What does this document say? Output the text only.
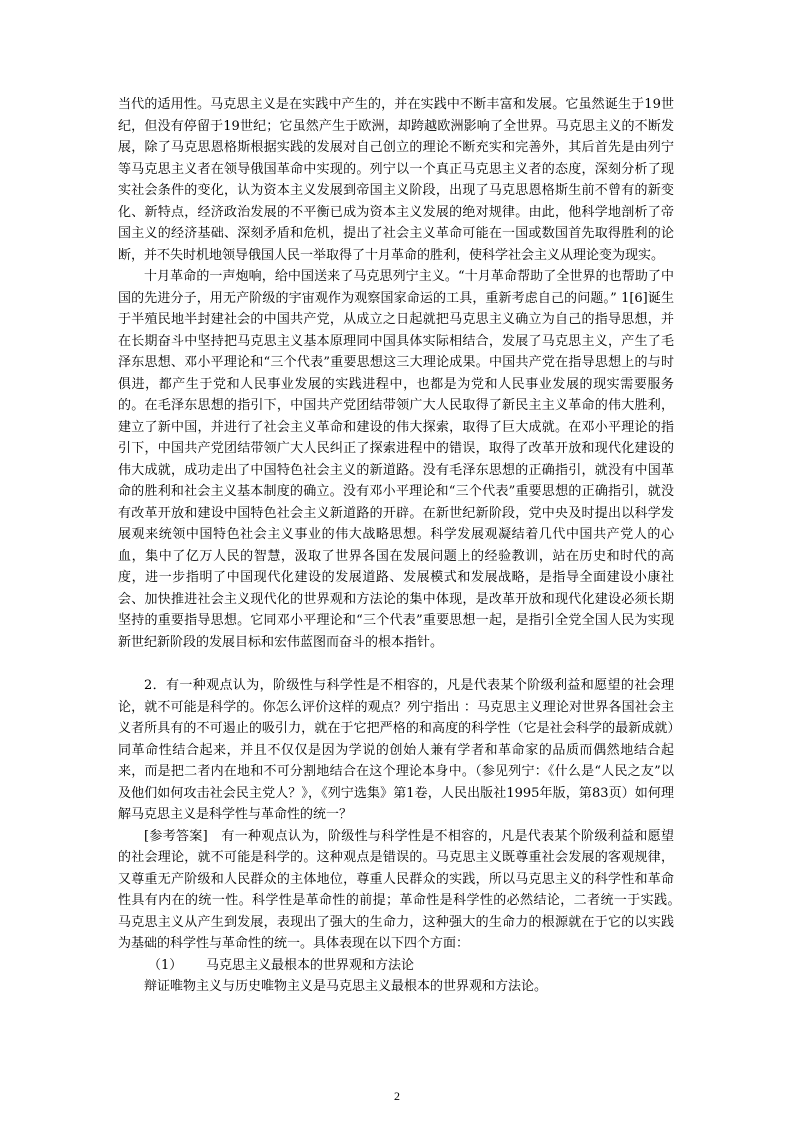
当代的适用性。马克思主义是在实践中产生的，并在实践中不断丰富和发展。它虽然诞生于19世纪，但没有停留于19世纪；它虽然产生于欧洲，却跨越欧洲影响了全世界。马克思主义的不断发展，除了马克思恩格斯根据实践的发展对自己创立的理论不断充实和完善外，其后首先是由列宁等马克思主义者在领导俄国革命中实现的。列宁以一个真正马克思主义者的态度，深刻分析了现实社会条件的变化，认为资本主义发展到帝国主义阶段，出现了马克思恩格斯生前不曾有的新变化、新特点，经济政治发展的不平衡已成为资本主义发展的绝对规律。由此，他科学地剖析了帝国主义的经济基础、深刻矛盾和危机，提出了社会主义革命可能在一国或数国首先取得胜利的论断，并不失时机地领导俄国人民一举取得了十月革命的胜利，使科学社会主义从理论变为现实。

十月革命的一声炮响，给中国送来了马克思列宁主义。“十月革命帮助了全世界的也帮助了中国的先进分子，用无产阶级的宇宙观作为观察国家命运的工具，重新考虑自己的问题。” 1[6]诞生于半殖民地半封建社会的中国共产党，从成立之日起就把马克思主义确立为自己的指导思想，并在长期奋斗中坚持把马克思主义基本原理同中国具体实际相结合，发展了马克思主义，产生了毛泽东思想、邓小平理论和“三个代表”重要思想这三大理论成果。中国共产党在指导思想上的与时俱进，都产生于党和人民事业发展的实践进程中，也都是为党和人民事业发展的现实需要服务的。在毛泽东思想的指引下，中国共产党团结带领广大人民取得了新民主主义革命的伟大胜利，建立了新中国，并进行了社会主义革命和建设的伟大探索，取得了巨大成就。在邓小平理论的指引下，中国共产党团结带领广大人民纠正了探索进程中的错误，取得了改革开放和现代化建设的伟大成就，成功走出了中国特色社会主义的新道路。没有毛泽东思想的正确指引，就没有中国革命的胜利和社会主义基本制度的确立。没有邓小平理论和“三个代表”重要思想的正确指引，就没有改革开放和建设中国特色社会主义新道路的开辟。在新世纪新阶段，党中央及时提出以科学发展观来统领中国特色社会主义事业的伟大战略思想。科学发展观凝结着几代中国共产党人的心血，集中了亿万人民的智慧，汲取了世界各国在发展问题上的经验教训，站在历史和时代的高度，进一步指明了中国现代化建设的发展道路、发展模式和发展战略，是指导全面建设小康社会、加快推进社会主义现代化的世界观和方法论的集中体现，是改革开放和现代化建设必须长期坚持的重要指导思想。它同邓小平理论和“三个代表”重要思想一起，是指引全党全国人民为实现新世纪新阶段的发展目标和宏伟蓝图而奋斗的根本指针。

2．有一种观点认为，阶级性与科学性是不相容的，凡是代表某个阶级利益和愿望的社会理论，就不可能是科学的。你怎么评价这样的观点？列宁指出 ：马克思主义理论对世界各国社会主义者所具有的不可遏止的吸引力，就在于它把严格的和高度的科学性（它是社会科学的最新成就）同革命性结合起来，并且不仅仅是因为学说的创始人兼有学者和革命家的品质而偶然地结合起来，而是把二者内在地和不可分割地结合在这个理论本身中。（参见列宁：《什么是“人民之友”以及他们如何攻击社会民主党人？》，《列宁选集》第1卷，人民出版社1995年版，第83页）如何理解马克思主义是科学性与革命性的统一？

[参考答案]　有一种观点认为，阶级性与科学性是不相容的，凡是代表某个阶级利益和愿望的社会理论，就不可能是科学的。这种观点是错误的。马克思主义既尊重社会发展的客观规律，又尊重无产阶级和人民群众的主体地位，尊重人民群众的实践，所以马克思主义的科学性和革命性具有内在的统一性。科学性是革命性的前提；革命性是科学性的必然结论，二者统一于实践。　马克思主义从产生到发展，表现出了强大的生命力，这种强大的生命力的根源就在于它的以实践为基础的科学性与革命性的统一。具体表现在以下四个方面：

（1） 马克思主义最根本的世界观和方法论

辩证唯物主义与历史唯物主义是马克思主义最根本的世界观和方法论。

2
